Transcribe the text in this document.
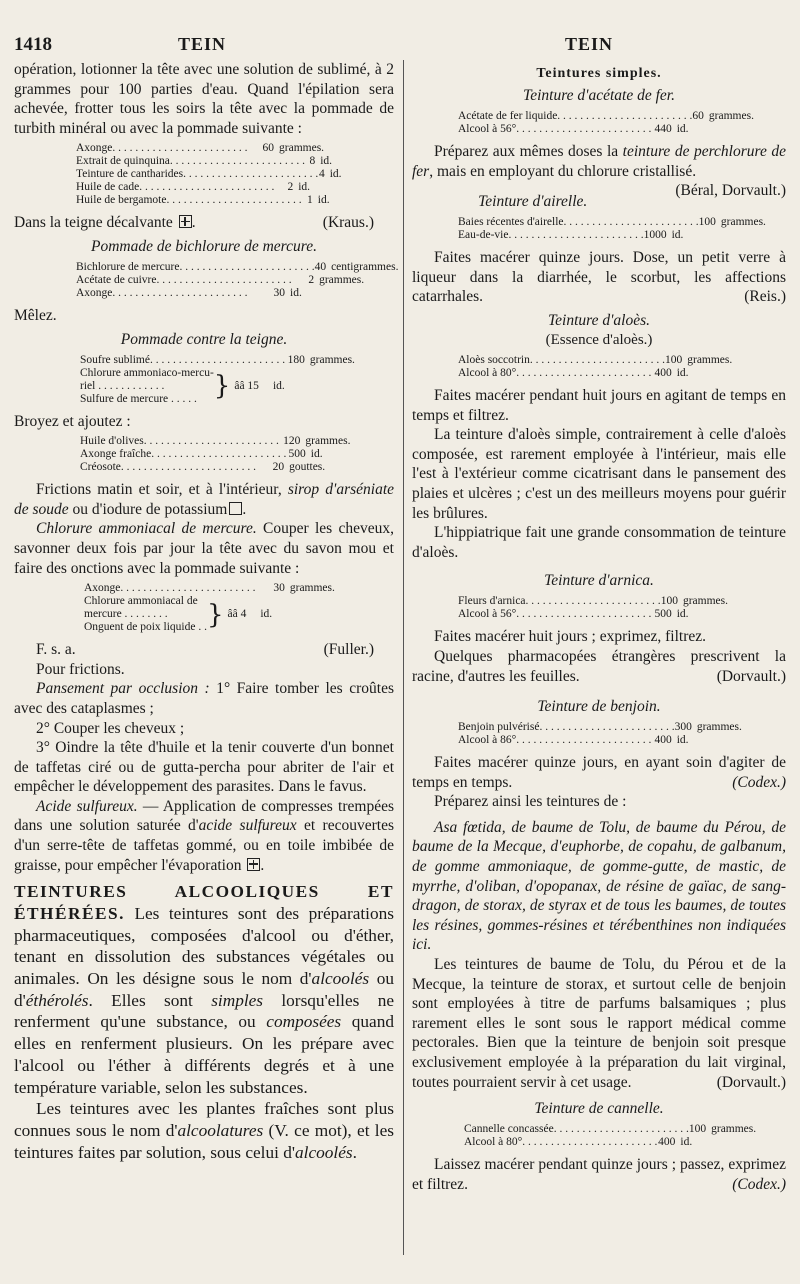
1418	TEIN	TEIN

opération, lotionner la tête avec une solution de sublimé, à 2 grammes pour 100 parties d'eau. Quand l'épilation sera achevée, frotter tous les soirs la tête avec la pommade de turbith minéral ou avec la pommade suivante :

Axonge . . . . . . . . . . . . . . . . . . . . . . . .	60 grammes.
Extrait de quinquina . . . . . . . . . . . . . . . . . . . . . . . . 8 id.
Teinture de cantharides . . . . . . . . . . . . . . . . . . . . . . . . 4 id.
Huile de cade . . . . . . . . . . . . . . . . . . . . . . . .	2 id.
Huile de bergamote . . . . . . . . . . . . . . . . . . . . . . . . 1 id.

Dans la teigne décalvante .	(Kraus.)

Pommade de bichlorure de mercure.
Bichlorure de mercure . . . . . . . . . . . . . . . . . . . . . . . . 40 centigrammes.
Acétate de cuivre . . . . . . . . . . . . . . . . . . . . . . . .	2 grammes.
Axonge . . . . . . . . . . . . . . . . . . . . . . . .	30 id.

Mêlez.

Pommade contre la teigne.
Soufre sublimé . . . . . . . . . . . . . . . . . . . . . . . . 180 grammes.
Chlorure ammoniaco-mercu-
riel . . . . . . . . . . . .
Sulfure de mercure . . . . . } ââ 15 id.

Broyez et ajoutez :

Huile d'olives . . . . . . . . . . . . . . . . . . . . . . . . 120 grammes.
Axonge fraîche . . . . . . . . . . . . . . . . . . . . . . . . 500 id.
Créosote . . . . . . . . . . . . . . . . . . . . . . . .	20 gouttes.

Frictions matin et soir, et à l'intérieur, sirop d'arséniate de soude ou d'iodure de potassium .

Chlorure ammoniacal de mercure. Couper les cheveux, savonner deux fois par jour la tête avec du savon mou et faire des onctions avec la pommade suivante :

Axonge . . . . . . . . . . . . . . . . . . . . . . . .	30 grammes.
Chlorure ammoniacal de
mercure . . . . . . . .
Onguent de poix liquide . . } ââ 4 id.

F. s. a.	(Fuller.)

Pour frictions.

Pansement par occlusion : 1° Faire tomber les croûtes avec des cataplasmes ;

2° Couper les cheveux ;

3° Oindre la tête d'huile et la tenir couverte d'un bonnet de taffetas ciré ou de gutta-percha pour abriter de l'air et empêcher le développement des parasites. Dans le favus.

Acide sulfureux. — Application de compresses trempées dans une solution saturée d'acide sulfureux et recouvertes d'un serre-tête de taffetas gommé, ou en toile imbibée de graisse, pour empêcher l'évaporation .

TEINTURES ALCOOLIQUES ET ÉTHÉRÉES. Les teintures sont des préparations pharmaceutiques, composées d'alcool ou d'éther, tenant en dissolution des substances végétales ou animales. On les désigne sous le nom d'alcoolés ou d'éthérolés. Elles sont simples lorsqu'elles ne renferment qu'une substance, ou composées quand elles en renferment plusieurs. On les prépare avec l'alcool ou l'éther à différents degrés et à une température variable, selon les substances.

Les teintures avec les plantes fraîches sont plus connues sous le nom d'alcoolatures (V. ce mot), et les teintures faites par solution, sous celui d'alcoolés.

Teintures simples.
Teinture d'acétate de fer.
Acétate de fer liquide . . . . . . . . . . . . . . . . . . . . . . . . 60 grammes.
Alcool à 56° . . . . . . . . . . . . . . . . . . . . . . . . 440 id.

Préparez aux mêmes doses la teinture de perchlorure de fer, mais en employant du chlorure cristallisé.
(Béral, Dorvault.)

Teinture d'airelle.
Baies récentes d'airelle . . . . . . . . . . . . . . . . . . . . . . . . 100 grammes.
Eau-de-vie . . . . . . . . . . . . . . . . . . . . . . . . 1000 id.

Faites macérer quinze jours. Dose, un petit verre à liqueur dans la diarrhée, le scorbut, les affections catarrhales.	(Reis.)

Teinture d'aloès.
(Essence d'aloès.)
Aloès soccotrin . . . . . . . . . . . . . . . . . . . . . . . . 100 grammes.
Alcool à 80° . . . . . . . . . . . . . . . . . . . . . . . . 400 id.

Faites macérer pendant huit jours en agitant de temps en temps et filtrez.

La teinture d'aloès simple, contrairement à celle d'aloès composée, est rarement employée à l'intérieur, mais elle l'est à l'extérieur comme cicatrisant dans le pansement des plaies et ulcères ; c'est un des meilleurs moyens pour guérir les brûlures.

L'hippiatrique fait une grande consommation de teinture d'aloès.

Teinture d'arnica.
Fleurs d'arnica . . . . . . . . . . . . . . . . . . . . . . . . 100 grammes.
Alcool à 56° . . . . . . . . . . . . . . . . . . . . . . . . 500 id.

Faites macérer huit jours ; exprimez, filtrez.

Quelques pharmacopées étrangères prescrivent la racine, d'autres les feuilles.	(Dorvault.)

Teinture de benjoin.
Benjoin pulvérisé . . . . . . . . . . . . . . . . . . . . . . . . 300 grammes.
Alcool à 86° . . . . . . . . . . . . . . . . . . . . . . . . 400 id.

Faites macérer quinze jours, en ayant soin d'agiter de temps en temps.	(Codex.)

Préparez ainsi les teintures de :

Asa fœtida, de baume de Tolu, de baume du Pérou, de baume de la Mecque, d'euphorbe, de copahu, de galbanum, de gomme ammoniaque, de gomme-gutte, de mastic, de myrrhe, d'oliban, d'opopanax, de résine de gaïac, de sang-dragon, de storax, de styrax et de tous les baumes, de toutes les résines, gommes-résines et térébenthines non indiquées ici.

Les teintures de baume de Tolu, du Pérou et de la Mecque, la teinture de storax, et surtout celle de benjoin sont employées à titre de parfums balsamiques ; plus rarement elles le sont sous le rapport médical comme pectorales. Bien que la teinture de benjoin soit presque exclusivement employée à la préparation du lait virginal, toutes pourraient servir à cet usage.	(Dorvault.)

Teinture de cannelle.
Cannelle concassée . . . . . . . . . . . . . . . . . . . . . . . . 100 grammes.
Alcool à 80° . . . . . . . . . . . . . . . . . . . . . . . . 400 id.

Laissez macérer pendant quinze jours ; passez, exprimez et filtrez.	(Codex.)
